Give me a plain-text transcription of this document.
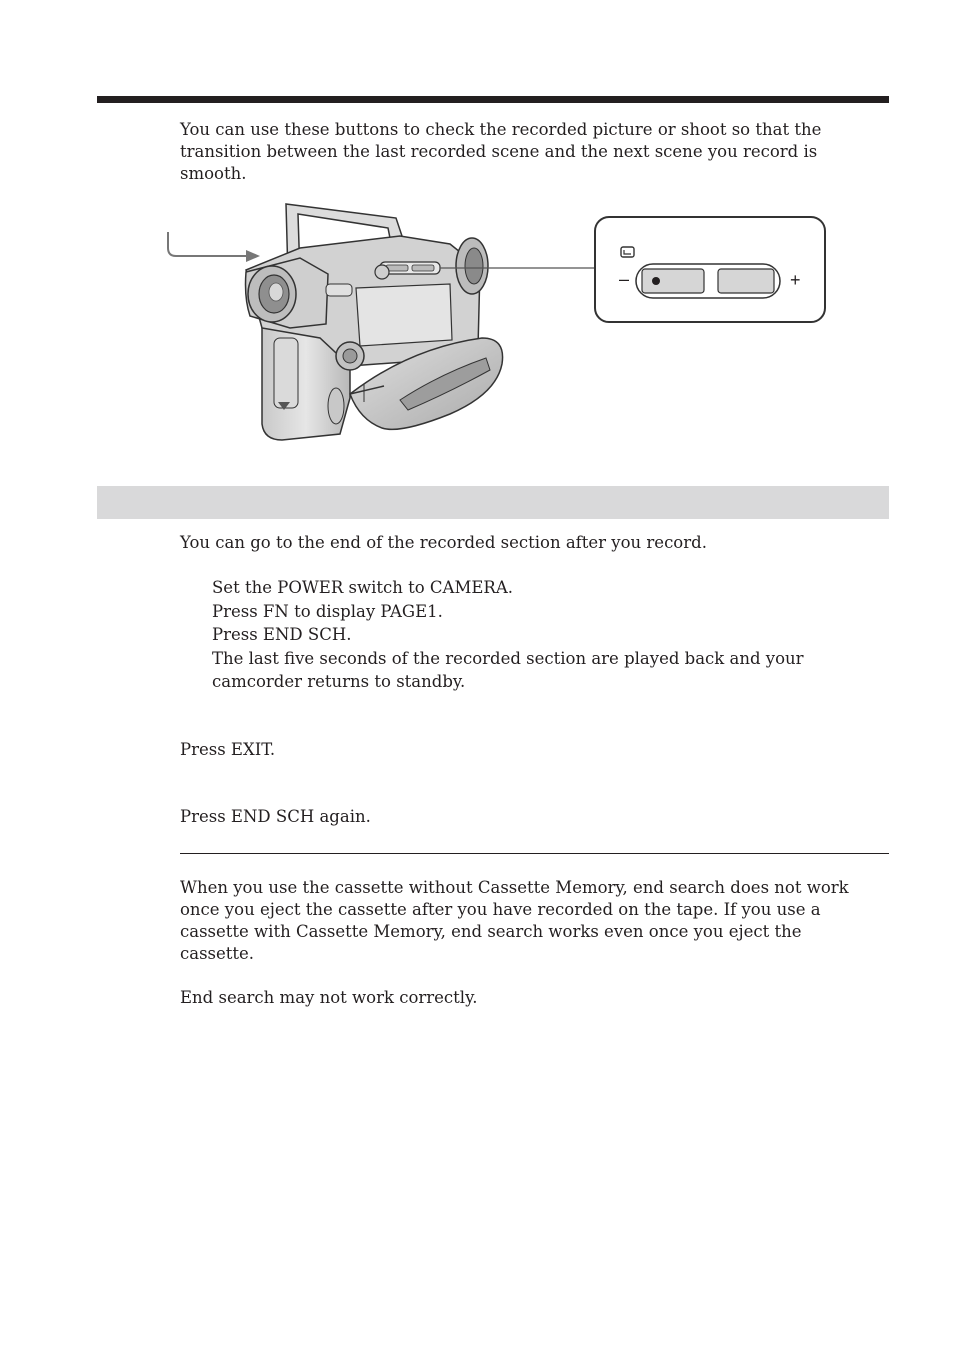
You can use these buttons to check the recorded picture or shoot so that the transition between the last recorded scene and the next scene you record is smooth.

–	+

You can go to the end of the recorded section after you record.

Set the POWER switch to CAMERA.
Press FN to display PAGE1.
Press END SCH.
The last five seconds of the recorded section are played back and your camcorder returns to standby.

Press EXIT.

Press END SCH again.

When you use the cassette without Cassette Memory, end search does not work once you eject the cassette after you have recorded on the tape. If you use a cassette with Cassette Memory, end search works even once you eject the cassette.

End search may not work correctly.
